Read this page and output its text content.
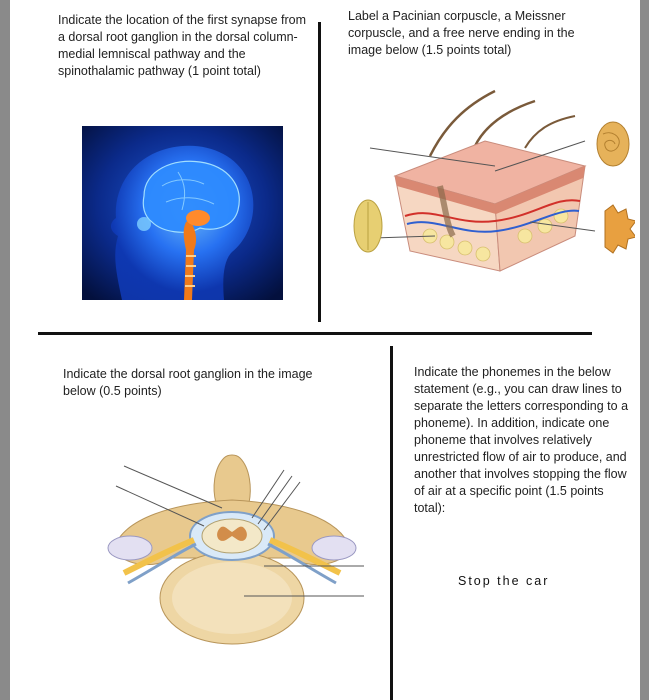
Indicate the location of the first synapse from a dorsal root ganglion in the dorsal column-medial lemniscal pathway and the spinothalamic pathway (1 point total)
Label a Pacinian corpuscle, a Meissner corpuscle, and a free nerve ending in the image below (1.5 points total)
Indicate the dorsal root ganglion in the image below (0.5 points)
Indicate the phonemes in the below statement (e.g., you can draw lines to separate the letters corresponding to a phoneme). In addition, indicate one phoneme that involves relatively unrestricted flow of air to produce, and another that involves stopping the flow of air at a specific point (1.5 points total):
Stop the car
